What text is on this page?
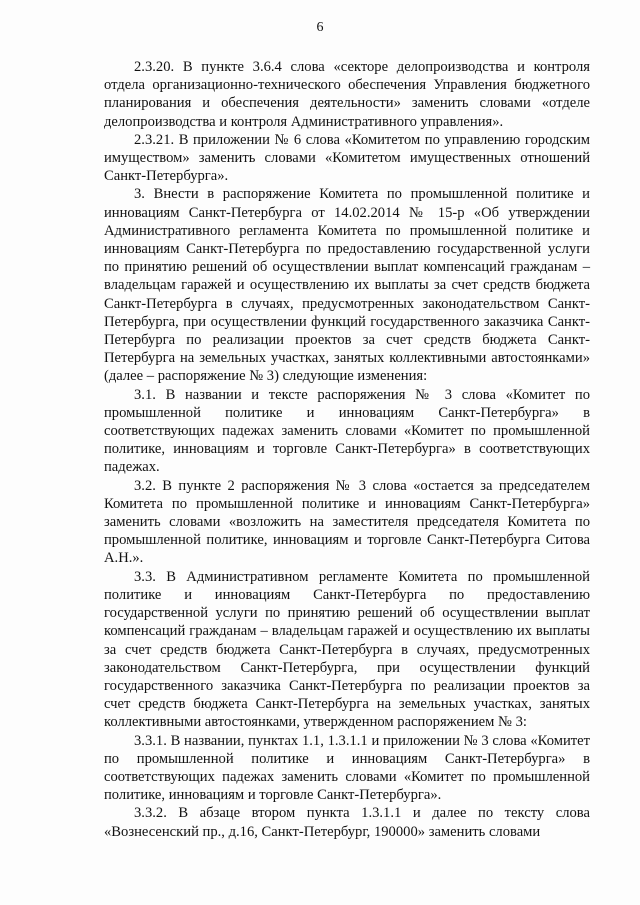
6

2.3.20. В пункте 3.6.4 слова «секторе делопроизводства и контроля отдела организационно-технического обеспечения Управления бюджетного планирования и обеспечения деятельности» заменить словами «отделе делопроизводства и контроля Административного управления».

2.3.21. В приложении № 6 слова «Комитетом по управлению городским имуществом» заменить словами «Комитетом имущественных отношений Санкт-Петербурга».

3. Внести в распоряжение Комитета по промышленной политике и инновациям Санкт-Петербурга от 14.02.2014 № 15-р «Об утверждении Административного регламента Комитета по промышленной политике и инновациям Санкт-Петербурга по предоставлению государственной услуги по принятию решений об осуществлении выплат компенсаций гражданам – владельцам гаражей и осуществлению их выплаты за счет средств бюджета Санкт-Петербурга в случаях, предусмотренных законодательством Санкт-Петербурга, при осуществлении функций государственного заказчика Санкт-Петербурга по реализации проектов за счет средств бюджета Санкт-Петербурга на земельных участках, занятых коллективными автостоянками» (далее – распоряжение № 3) следующие изменения:

3.1. В названии и тексте распоряжения № 3 слова «Комитет по промышленной политике и инновациям Санкт-Петербурга» в соответствующих падежах заменить словами «Комитет по промышленной политике, инновациям и торговле Санкт-Петербурга» в соответствующих падежах.

3.2. В пункте 2 распоряжения № 3 слова «остается за председателем Комитета по промышленной политике и инновациям Санкт-Петербурга» заменить словами «возложить на заместителя председателя Комитета по промышленной политике, инновациям и торговле Санкт-Петербурга Ситова А.Н.».

3.3. В Административном регламенте Комитета по промышленной политике и инновациям Санкт-Петербурга по предоставлению государственной услуги по принятию решений об осуществлении выплат компенсаций гражданам – владельцам гаражей и осуществлению их выплаты за счет средств бюджета Санкт-Петербурга в случаях, предусмотренных законодательством Санкт-Петербурга, при осуществлении функций государственного заказчика Санкт-Петербурга по реализации проектов за счет средств бюджета Санкт-Петербурга на земельных участках, занятых коллективными автостоянками, утвержденном распоряжением № 3:

3.3.1. В названии, пунктах 1.1, 1.3.1.1 и приложении № 3 слова «Комитет по промышленной политике и инновациям Санкт-Петербурга» в соответствующих падежах заменить словами «Комитет по промышленной политике, инновациям и торговле Санкт-Петербурга».

3.3.2. В абзаце втором пункта 1.3.1.1 и далее по тексту слова «Вознесенский пр., д.16, Санкт-Петербург, 190000» заменить словами
